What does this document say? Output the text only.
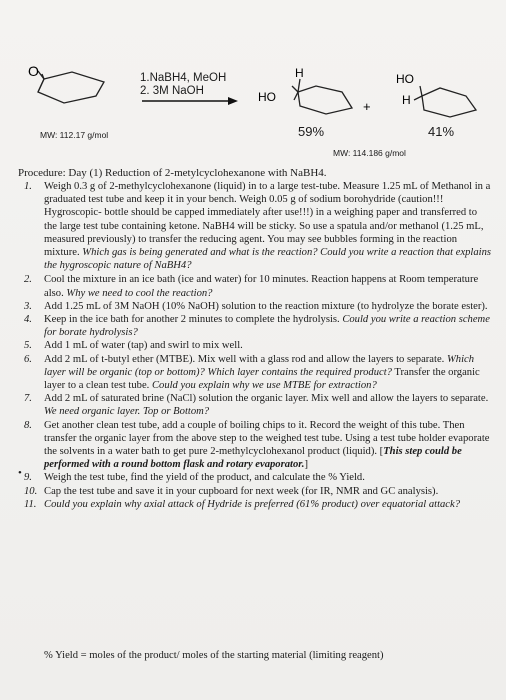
O	H
HO
+
HO
H
1.NaBH4, MeOH
2. 3M NaOH
MW: 112.17 g/mol	59%	41%
MW: 114.186 g/mol
Procedure: Day (1) Reduction of 2-metylcyclohexanone with NaBH4.
1.	Weigh 0.3 g of 2-methylcyclohexanone (liquid) in to a large test-tube. Measure 1.25 mL of Methanol in a graduated test tube and keep it in your bench. Weigh 0.05 g of sodium borohydride (caution!!! Hygroscopic- bottle should be capped immediately after use!!!) in a weighing paper and transferred to the large test tube containing ketone. NaBH4 will be sticky. So use a spatula and/or methanol (1.25 mL, measured previously) to transfer the reducing agent. You may see bubbles forming in the reaction mixture. Which gas is being generated and what is the reaction? Could you write a reaction that explains the hygroscopic nature of NaBH4?
2.	Cool the mixture in an ice bath (ice and water) for 10 minutes. Reaction happens at Room temperature also. Why we need to cool the reaction?
3.	Add 1.25 mL of 3M NaOH (10% NaOH) solution to the reaction mixture (to hydrolyze the borate ester).
4.	Keep in the ice bath for another 2 minutes to complete the hydrolysis. Could you write a reaction scheme for borate hydrolysis?
5.	Add 1 mL of water (tap) and swirl to mix well.
6.	Add 2 mL of t-butyl ether (MTBE). Mix well with a glass rod and allow the layers to separate. Which layer will be organic (top or bottom)? Which layer contains the required product? Transfer the organic layer to a clean test tube. Could you explain why we use MTBE for extraction?
7.	Add 2 mL of saturated brine (NaCl) solution the organic layer. Mix well and allow the layers to separate. We need organic layer. Top or Bottom?
8.	Get another clean test tube, add a couple of boiling chips to it. Record the weight of this tube. Then transfer the organic layer from the above step to the weighed test tube. Using a test tube holder evaporate the solvents in a water bath to get pure 2-methylcyclohexanol product (liquid). [This step could be performed with a round bottom flask and rotary evaporator.]
9.	Weigh the test tube, find the yield of the product, and calculate the % Yield.
10. Cap the test tube and save it in your cupboard for next week (for IR, NMR and GC analysis).
11. Could you explain why axial attack of Hydride is preferred (61% product) over equatorial attack?
•
% Yield = moles of the product/ moles of the starting material (limiting reagent)
